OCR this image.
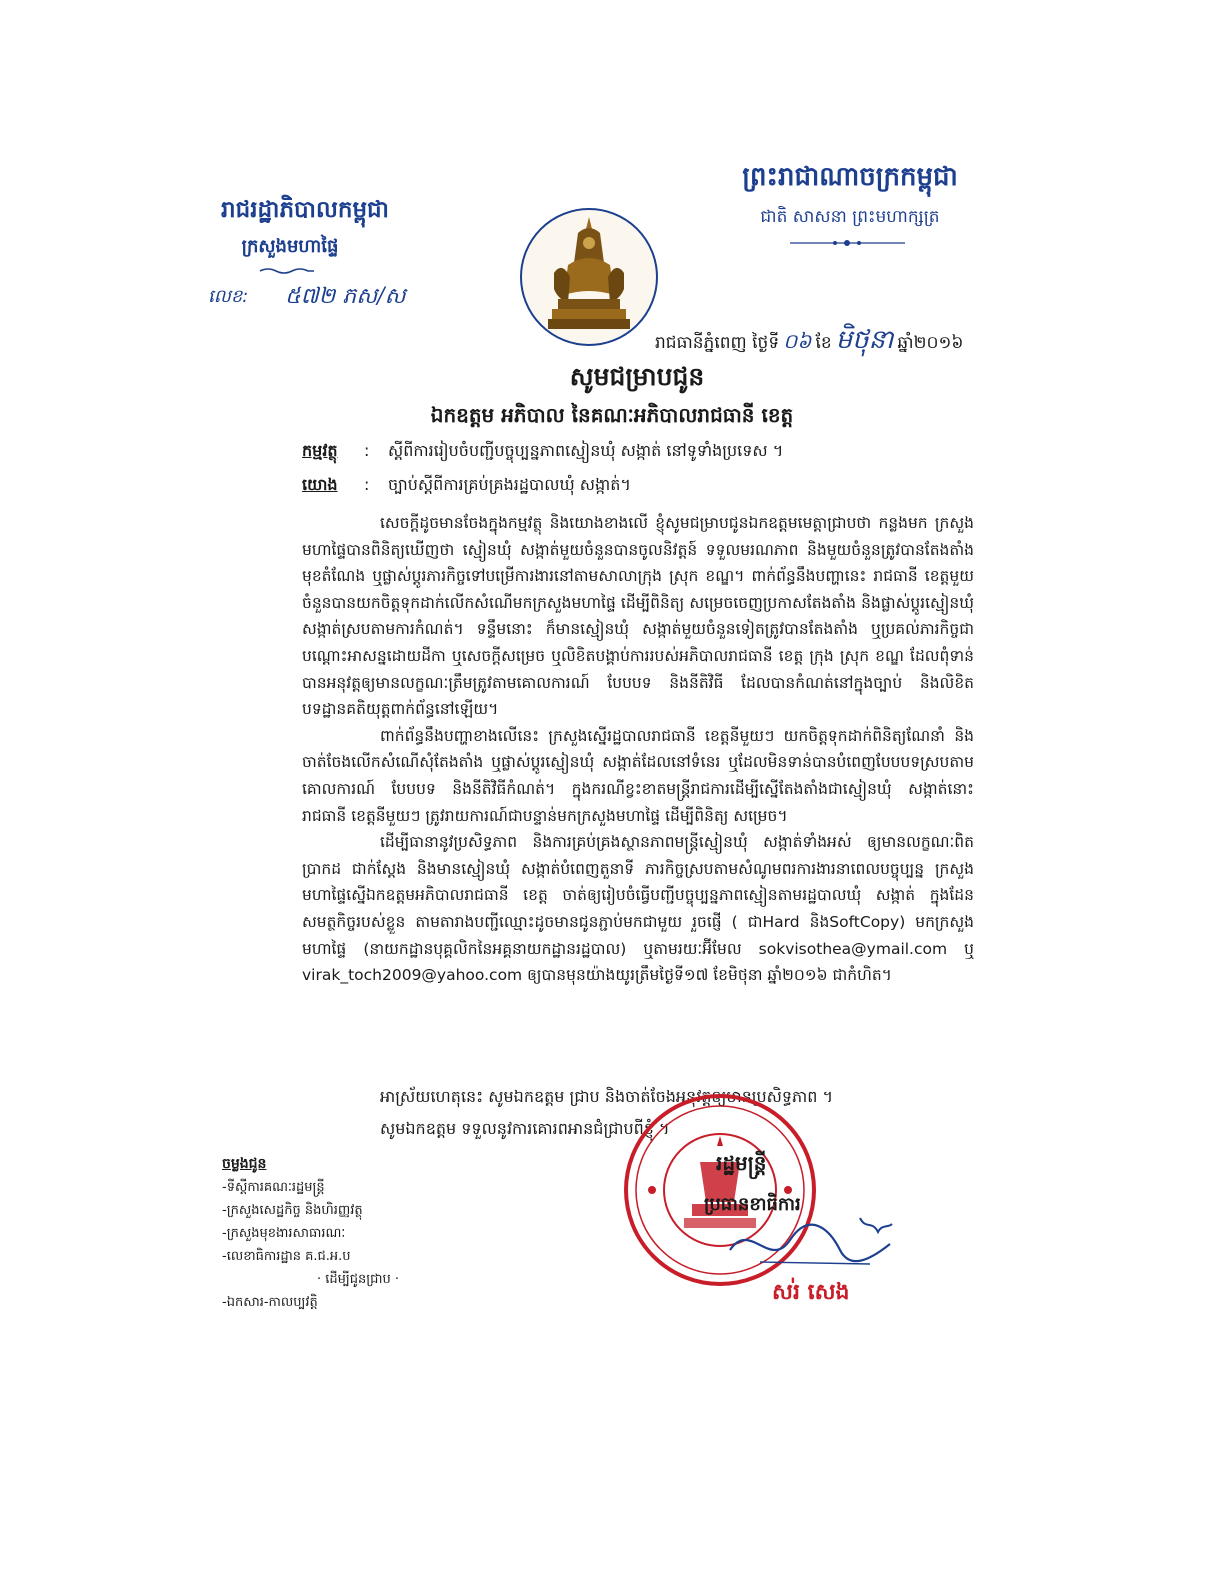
ព្រះរាជាណាចក្រកម្ពុជា
ជាតិ សាសនា ព្រះមហាក្សត្រ
រាជរដ្ឋាភិបាលកម្ពុជា
ក្រសួងមហាផ្ទៃ
លេខ: ៥៧២ ភស/ស
រាជធានីភ្នំពេញ ថ្ងៃទី ០៦ ខែ មិថុនា ឆ្នាំ២០១៦
សូមជម្រាបជូន
ឯកឧត្តម អភិបាល នៃគណៈអភិបាលរាជធានី ខេត្ត
កម្មវត្ថុ : ស្តីពីការរៀបចំបញ្ជីបច្ចុប្បន្នភាពស្មៀនឃុំ សង្កាត់ នៅទូទាំងប្រទេស ។
យោង : ច្បាប់ស្តីពីការគ្រប់គ្រងរដ្ឋបាលឃុំ សង្កាត់។

សេចក្តីដូចមានចែងក្នុងកម្មវត្ថុ និងយោងខាងលើ ខ្ញុំសូមជម្រាបជូនឯកឧត្តមមេត្តាជ្រាបថា កន្លងមក ក្រសួងមហាផ្ទៃបានពិនិត្យឃើញថា ស្មៀនឃុំ សង្កាត់មួយចំនួនបានចូលនិវត្តន៍ ទទួលមរណភាព និងមួយចំនួនត្រូវបានតែងតាំងមុខតំណែង ឬផ្លាស់ប្តូរភារកិច្ចទៅបម្រើការងារនៅតាមសាលាក្រុង ស្រុក ខណ្ឌ។ ពាក់ព័ន្ធនឹងបញ្ហានេះ រាជធានី ខេត្តមួយចំនួនបានយកចិត្តទុកដាក់លើកសំណើមកក្រសួងមហាផ្ទៃ ដើម្បីពិនិត្យ សម្រេចចេញប្រកាសតែងតាំង និងផ្លាស់ប្តូរស្មៀនឃុំ សង្កាត់ស្របតាមការកំណត់។ ទន្ទឹមនោះ ក៏មានស្មៀនឃុំ សង្កាត់មួយចំនួនទៀតត្រូវបានតែងតាំង ឬប្រគល់ភារកិច្ចជាបណ្តោះអាសន្នដោយដីកា ឬសេចក្តីសម្រេច ឬលិខិតបង្គាប់ការរបស់អភិបាលរាជធានី ខេត្ត ក្រុង ស្រុក ខណ្ឌ ដែលពុំទាន់បានអនុវត្តឲ្យមានលក្ខណៈត្រឹមត្រូវតាមគោលការណ៍ បែបបទ និងនីតិវិធី ដែលបានកំណត់នៅក្នុងច្បាប់ និងលិខិតបទដ្ឋានគតិយុត្តពាក់ព័ន្ធនៅឡើយ។

ពាក់ព័ន្ធនឹងបញ្ហាខាងលើនេះ ក្រសួងស្នើរដ្ឋបាលរាជធានី ខេត្តនីមួយៗ យកចិត្តទុកដាក់ពិនិត្យណែនាំ និងចាត់ចែងលើកសំណើសុំតែងតាំង ឬផ្លាស់ប្តូរស្មៀនឃុំ សង្កាត់ដែលនៅទំនេរ ឬដែលមិនទាន់បានបំពេញបែបបទស្របតាមគោលការណ៍ បែបបទ និងនីតិវិធីកំណត់។ ក្នុងករណីខ្វះខាតមន្ត្រីរាជការដើម្បីស្នើតែងតាំងជាស្មៀនឃុំ សង្កាត់នោះ រាជធានី ខេត្តនីមួយៗ ត្រូវរាយការណ៍ជាបន្ទាន់មកក្រសួងមហាផ្ទៃ ដើម្បីពិនិត្យ សម្រេច។

ដើម្បីធានានូវប្រសិទ្ធភាព និងការគ្រប់គ្រងស្ថានភាពមន្ត្រីស្មៀនឃុំ សង្កាត់ទាំងអស់ ឲ្យមានលក្ខណៈពិតប្រាកដ ជាក់ស្តែង និងមានស្មៀនឃុំ សង្កាត់បំពេញតួនាទី ភារកិច្ចស្របតាមសំណូមពរការងារនាពេលបច្ចុប្បន្ន ក្រសួងមហាផ្ទៃស្នើឯកឧត្តមអភិបាលរាជធានី ខេត្ត ចាត់ឲ្យរៀបចំធ្វើបញ្ជីបច្ចុប្បន្នភាពស្មៀនតាមរដ្ឋបាលឃុំ សង្កាត់ ក្នុងដែនសមត្ថកិច្ចរបស់ខ្លួន តាមតារាងបញ្ជីឈ្មោះដូចមានជូនភ្ជាប់មកជាមួយ រួចផ្ញើ ( ជាHard និងSoftCopy) មកក្រសួងមហាផ្ទៃ (នាយកដ្ឋានបុគ្គលិកនៃអគ្គនាយកដ្ឋានរដ្ឋបាល) ឬតាមរយៈអ៊ីមែល sokvisothea@ymail.com ឬ virak_toch2009@yahoo.com ឲ្យបានមុនយ៉ាងយូរត្រឹមថ្ងៃទី១៧ ខែមិថុនា ឆ្នាំ២០១៦ ជាកំហិត។

អាស្រ័យហេតុនេះ សូមឯកឧត្តម ជ្រាប និងចាត់ចែងអនុវត្តឲ្យមានប្រសិទ្ធភាព ។
សូមឯកឧត្តម ទទួលនូវការគោរពអានជំជ្រាបពីខ្ញុំ ។
ចម្លងជូន
-ទីស្តីការគណៈរដ្ឋមន្ត្រី
-ក្រសួងសេដ្ឋកិច្ច និងហិរញ្ញវត្ថុ
-ក្រសួងមុខងារសាធារណៈ
-លេខាធិការដ្ឋាន គ.ជ.អ.ប
· ដើម្បីជូនជ្រាប ·
-ឯកសារ-កាលប្បវត្តិ
រដ្ឋមន្ត្រី
ប្រធានខាធិការ
សរ់ សេង
